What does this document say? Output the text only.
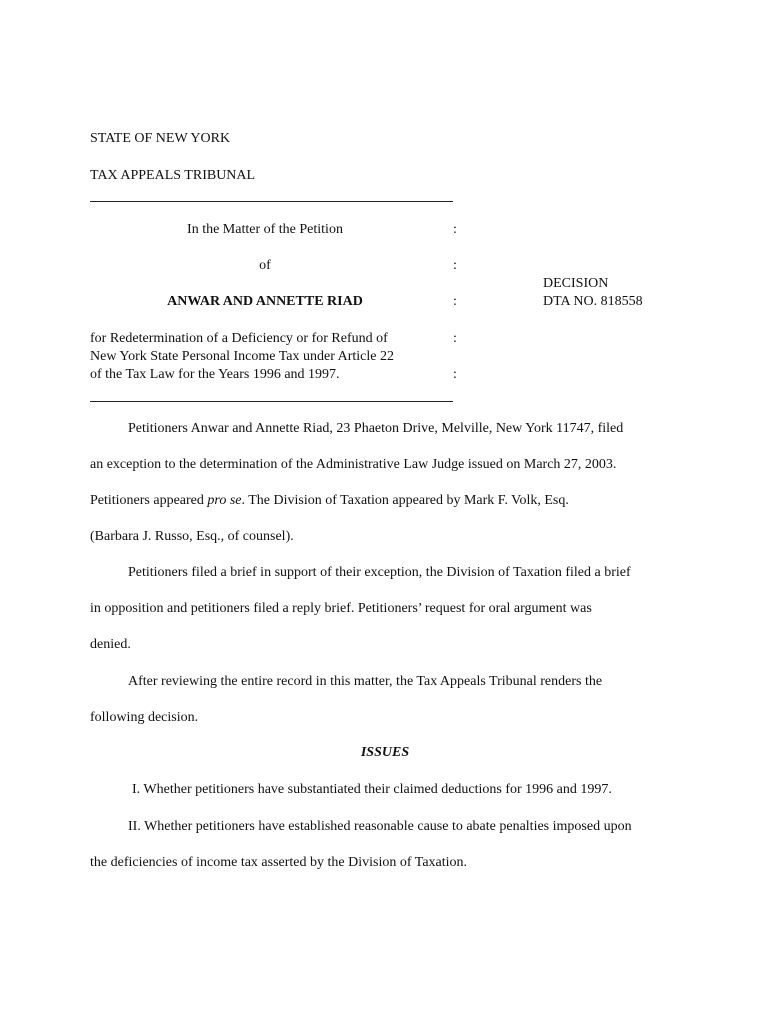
STATE OF NEW YORK
TAX APPEALS TRIBUNAL
In the Matter of the Petition	:
of	:
ANWAR AND ANNETTE RIAD	:
for Redetermination of a Deficiency or for Refund of	:
New York State Personal Income Tax under Article 22
of the Tax Law for the Years 1996 and 1997.	:
DECISION
DTA NO. 818558
Petitioners Anwar and Annette Riad, 23 Phaeton Drive, Melville, New York 11747, filed
an exception to the determination of the Administrative Law Judge issued on March 27, 2003.
Petitioners appeared pro se. The Division of Taxation appeared by Mark F. Volk, Esq.
(Barbara J. Russo, Esq., of counsel).
Petitioners filed a brief in support of their exception, the Division of Taxation filed a brief
in opposition and petitioners filed a reply brief. Petitioners’ request for oral argument was
denied.
After reviewing the entire record in this matter, the Tax Appeals Tribunal renders the
following decision.
ISSUES
I. Whether petitioners have substantiated their claimed deductions for 1996 and 1997.
II. Whether petitioners have established reasonable cause to abate penalties imposed upon
the deficiencies of income tax asserted by the Division of Taxation.
